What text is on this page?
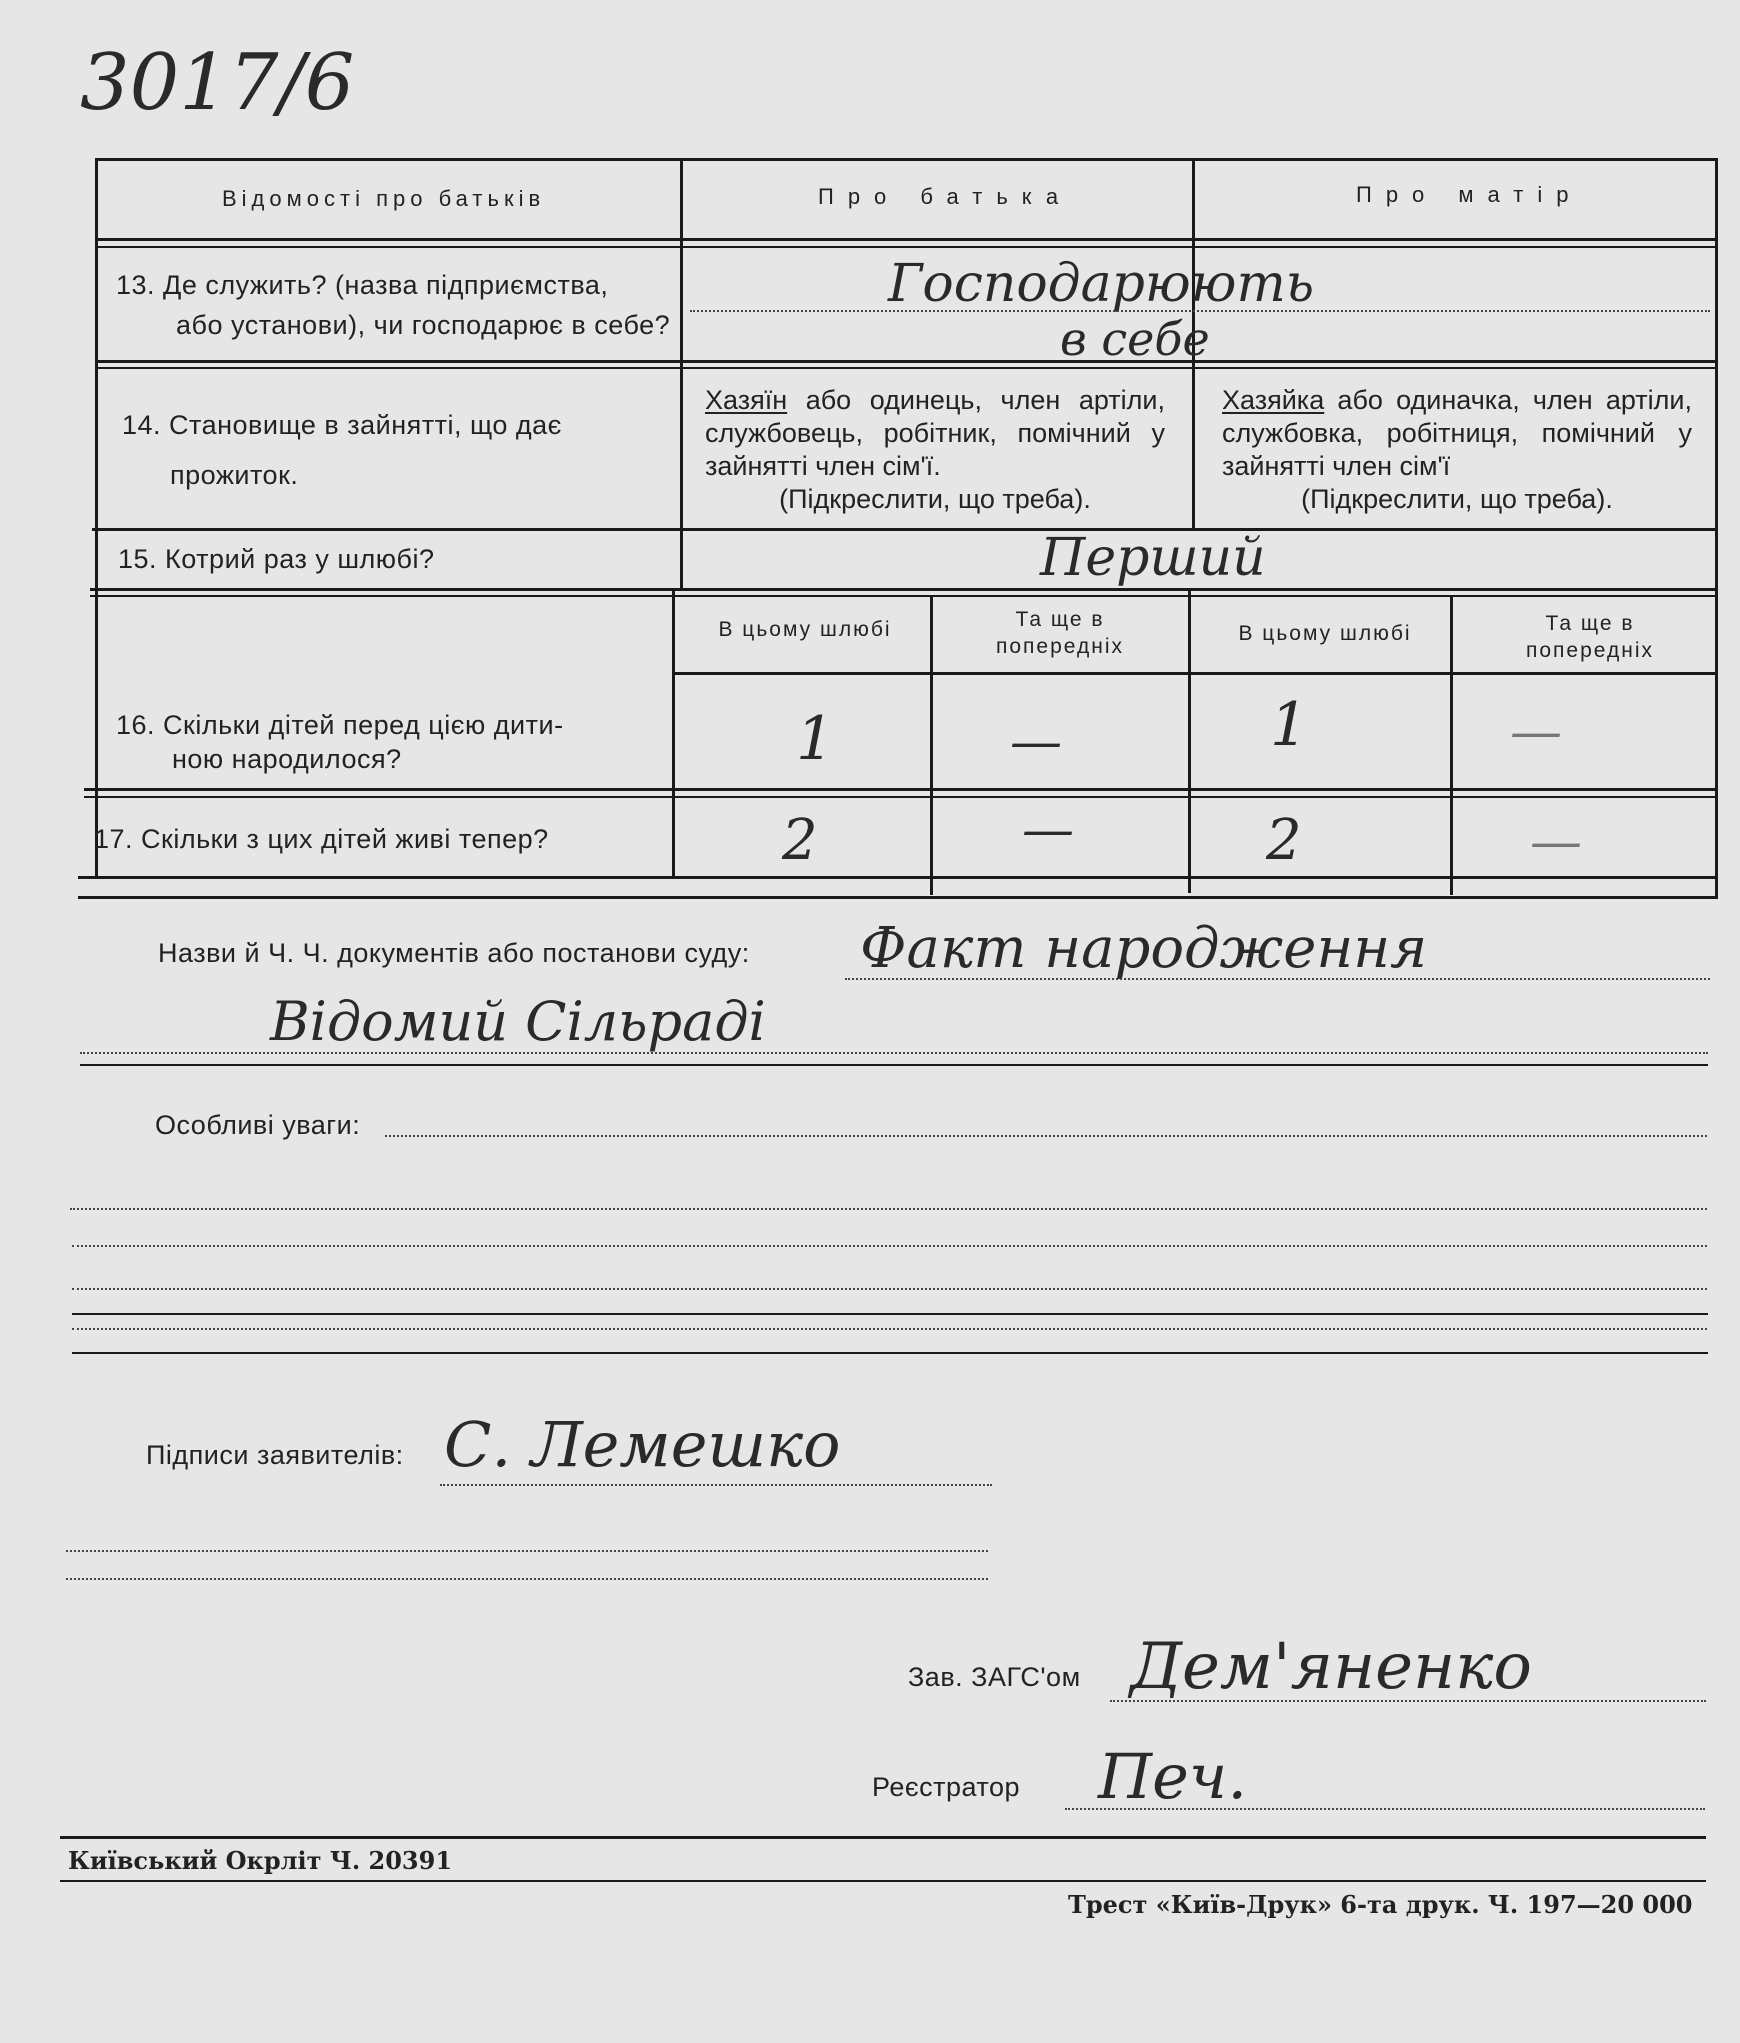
3017/6
Відомості про батьків	Про батька	Про матір
13. Де служить? (назва підприємства,
або установи), чи господарює в себе?
Господарюють
в себе
14. Становище в зайнятті, що дає
прожиток.
Хазяїн або одинець, член артіли, службовець, робітник, помічний у зайнятті член сім'ї.
(Підкреслити, що треба).
Хазяйка або одиначка, член артіли, службовка, робітниця, помічний у зайнятті член сім'ї
(Підкреслити, що треба).
15. Котрий раз у шлюбі?	Перший
В цьому шлюбі	Та ще в попередніх
В цьому шлюбі	Та ще в попередніх
16. Скільки дітей перед цією дити-
ною народилося?	1	—	1	—
17. Скільки з цих дітей живі тепер?	2	—	2	—
Назви й Ч. Ч. документів або постанови суду: Факт народження
Відомий Сільраді
Особливі уваги:
Підписи заявителів: С. Лемешко
Зав. ЗАГС'ом Дем'яненко
Реєстратор Печ.
Київський Окрліт Ч. 20391
Трест «Київ-Друк» 6-та друк. Ч. 197—20 000
